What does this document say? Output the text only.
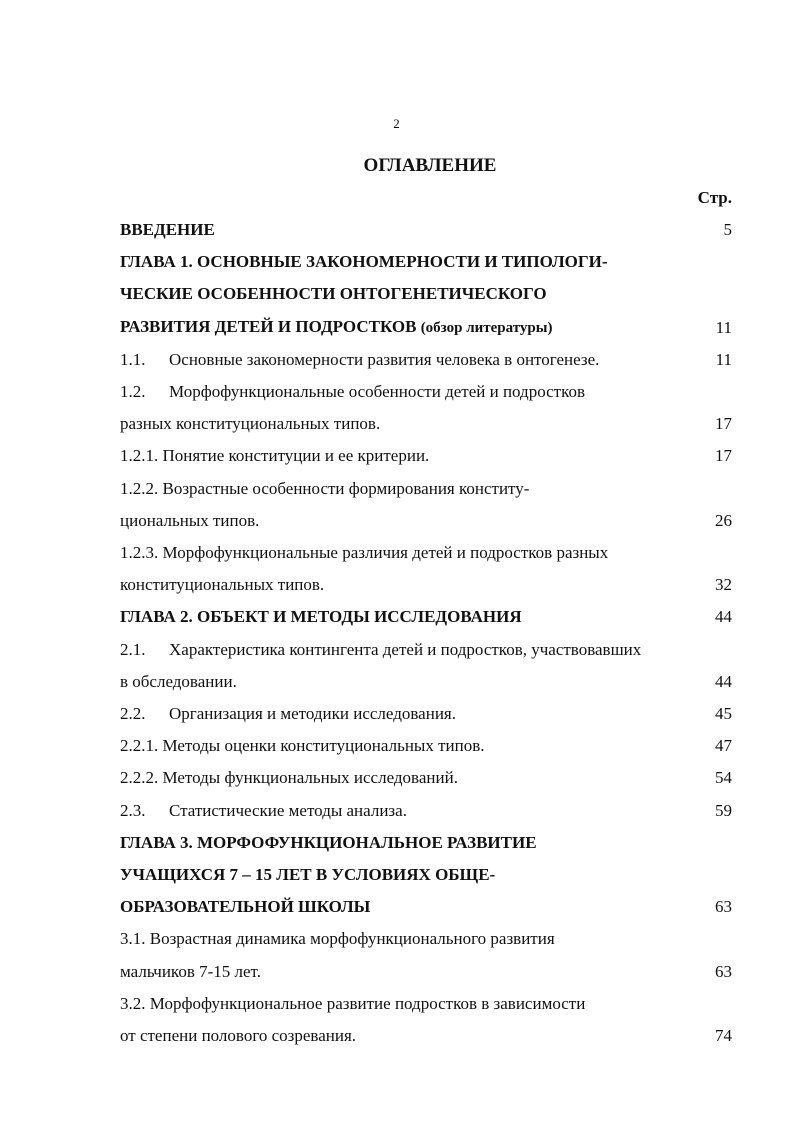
2
ОГЛАВЛЕНИЕ
Стр.
ВВЕДЕНИЕ	5
ГЛАВА 1. ОСНОВНЫЕ ЗАКОНОМЕРНОСТИ И ТИПОЛОГИ-
ЧЕСКИЕ ОСОБЕННОСТИ ОНТОГЕНЕТИЧЕСКОГО
РАЗВИТИЯ ДЕТЕЙ И ПОДРОСТКОВ (обзор литературы)	11
1.1. Основные закономерности развития человека в онтогенезе.	11
1.2. Морфофункциональные особенности детей и подростков
разных конституциональных типов.	17
1.2.1. Понятие конституции и ее критерии.	17
1.2.2. Возрастные особенности формирования конститу-
циональных типов.	26
1.2.3. Морфофункциональные различия детей и подростков разных
конституциональных типов.	32
ГЛАВА 2. ОБЪЕКТ И МЕТОДЫ ИССЛЕДОВАНИЯ	44
2.1. Характеристика контингента детей и подростков, участвовавших
в обследовании.	44
2.2. Организация и методики исследования.	45
2.2.1. Методы оценки конституциональных типов.	47
2.2.2. Методы функциональных исследований.	54
2.3. Статистические методы анализа.	59
ГЛАВА 3. МОРФОФУНКЦИОНАЛЬНОЕ РАЗВИТИЕ
УЧАЩИХСЯ 7 – 15 ЛЕТ В УСЛОВИЯХ ОБЩЕ-
ОБРАЗОВАТЕЛЬНОЙ ШКОЛЫ	63
3.1. Возрастная динамика морфофункционального развития
мальчиков 7-15 лет.	63
3.2. Морфофункциональное развитие подростков в зависимости
от степени полового созревания.	74
